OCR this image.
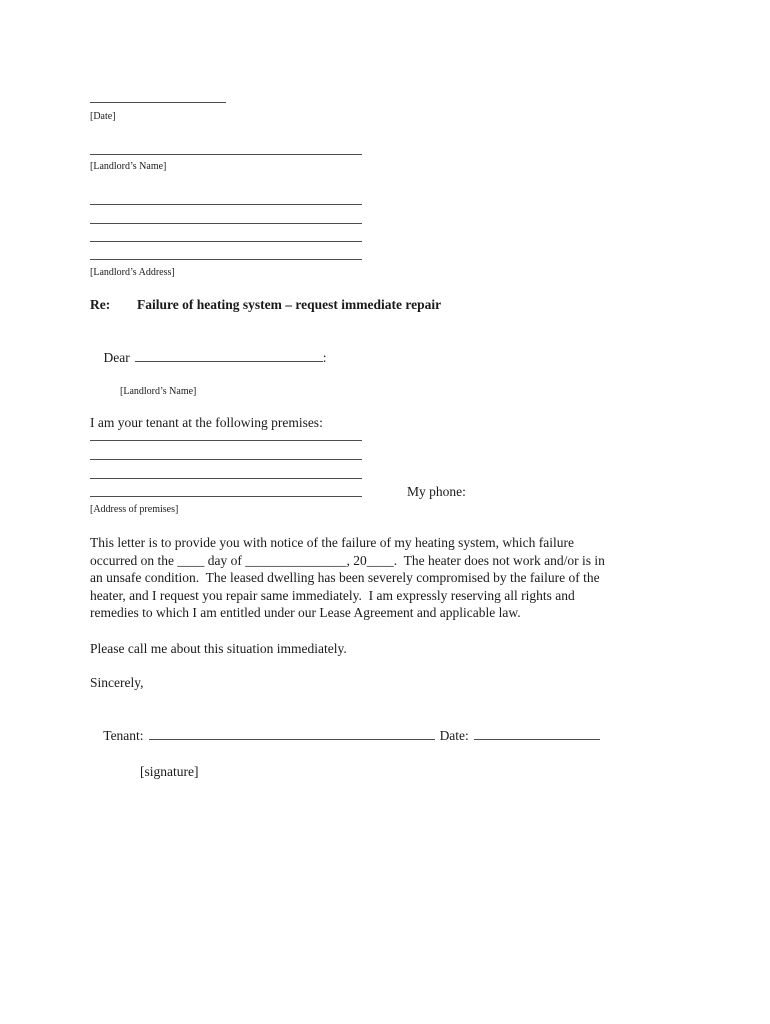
[Date]
[Landlord’s Name]
[Landlord’s Address]
Re:	Failure of heating system – request immediate repair

Dear	:

[Landlord’s Name]
I am your tenant at the following premises:
My phone:
[Address of premises]
This letter is to provide you with notice of the failure of my heating system, which failure
occurred on the ____ day of _______________, 20____.  The heater does not work and/or is in
an unsafe condition.  The leased dwelling has been severely compromised by the failure of the
heater, and I request you repair same immediately.  I am expressly reserving all rights and
remedies to which I am entitled under our Lease Agreement and applicable law.
Please call me about this situation immediately.
Sincerely,

Tenant:	Date:

[signature]
